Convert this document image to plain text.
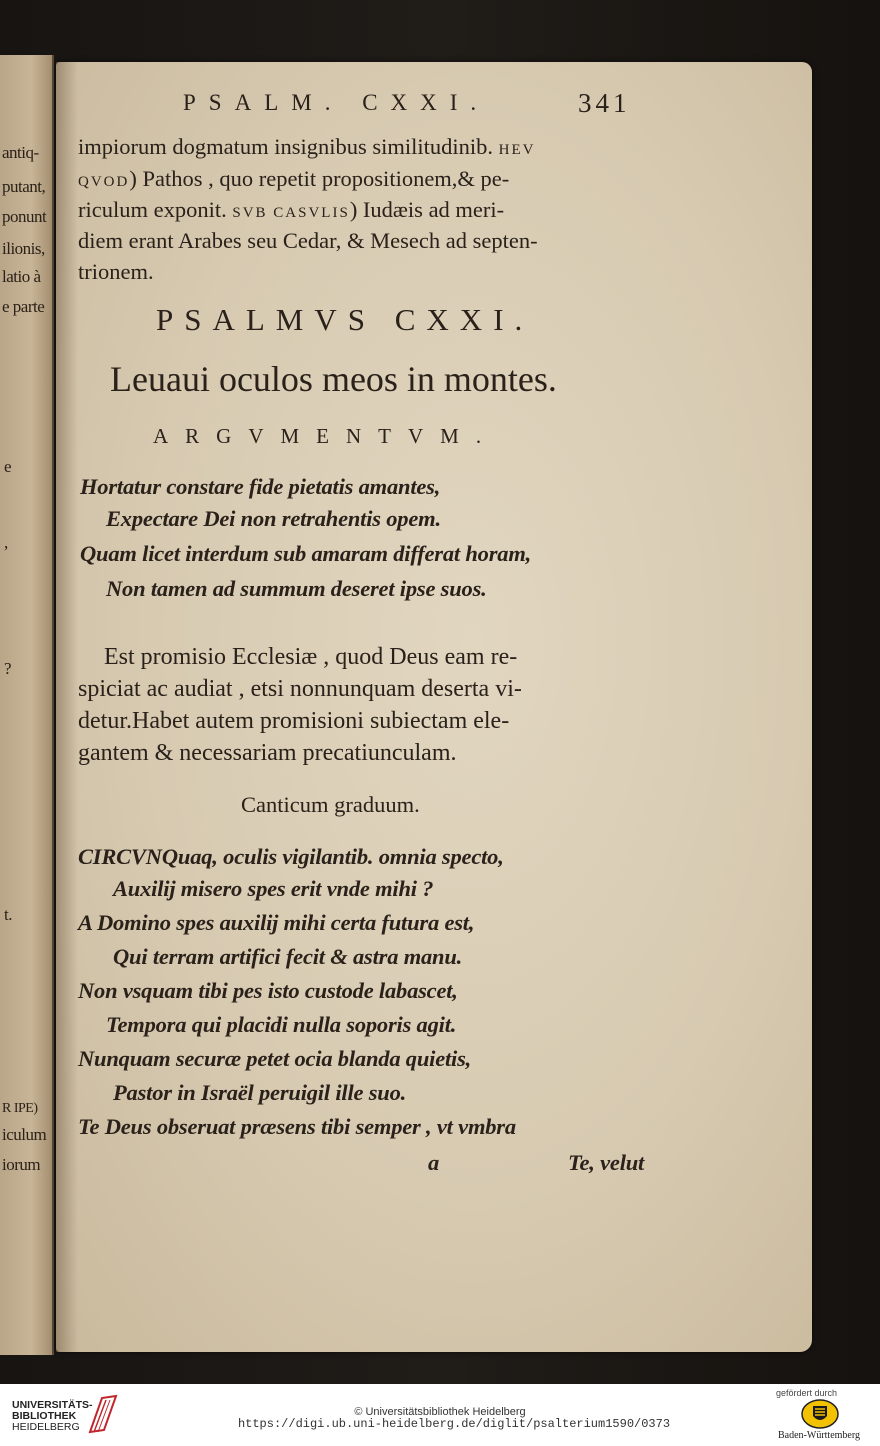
antiq-
putant,
ponunt
ilionis,
latio à
e parte
e
,
?
t.
R IPE)
iculum
iorum
PSALM. CXXI.	341
impiorum dogmatum insignibus similitudinib. HEV
QVOD) Pathos , quo repetit propositionem,& pe-
riculum exponit. SVB CASVLIS) Iudæis ad meri-
diem erant Arabes seu Cedar, & Mesech ad septen-
trionem.
PSALMVS CXXI.
Leuaui oculos meos in montes.
ARGVMENTVM.
Hortatur constare fide pietatis amantes,
Expectare Dei non retrahentis opem.
Quam licet interdum sub amaram differat horam,
Non tamen ad summum deseret ipse suos.
Est promisio Ecclesiæ , quod Deus eam re-
spiciat ac audiat , etsi nonnunquam deserta vi-
detur.Habet autem promisioni subiectam ele-
gantem & necessariam precatiunculam.
Canticum graduum.
CIRCVNQuaq, oculis vigilantib. omnia specto,
Auxilij misero spes erit vnde mihi ?
A Domino spes auxilij mihi certa futura est,
Qui terram artifici fecit & astra manu.
Non vsquam tibi pes isto custode labascet,
Tempora qui placidi nulla soporis agit.
Nunquam securæ petet ocia blanda quietis,
Pastor in Israël peruigil ille suo.
Te Deus obseruat præsens tibi semper , vt vmbra
a	Te, velut
UNIVERSITÄTS-
BIBLIOTHEK
HEIDELBERG
© Universitätsbibliothek Heidelberg
https://digi.ub.uni-heidelberg.de/diglit/psalterium1590/0373
gefördert durch
Baden-Württemberg
